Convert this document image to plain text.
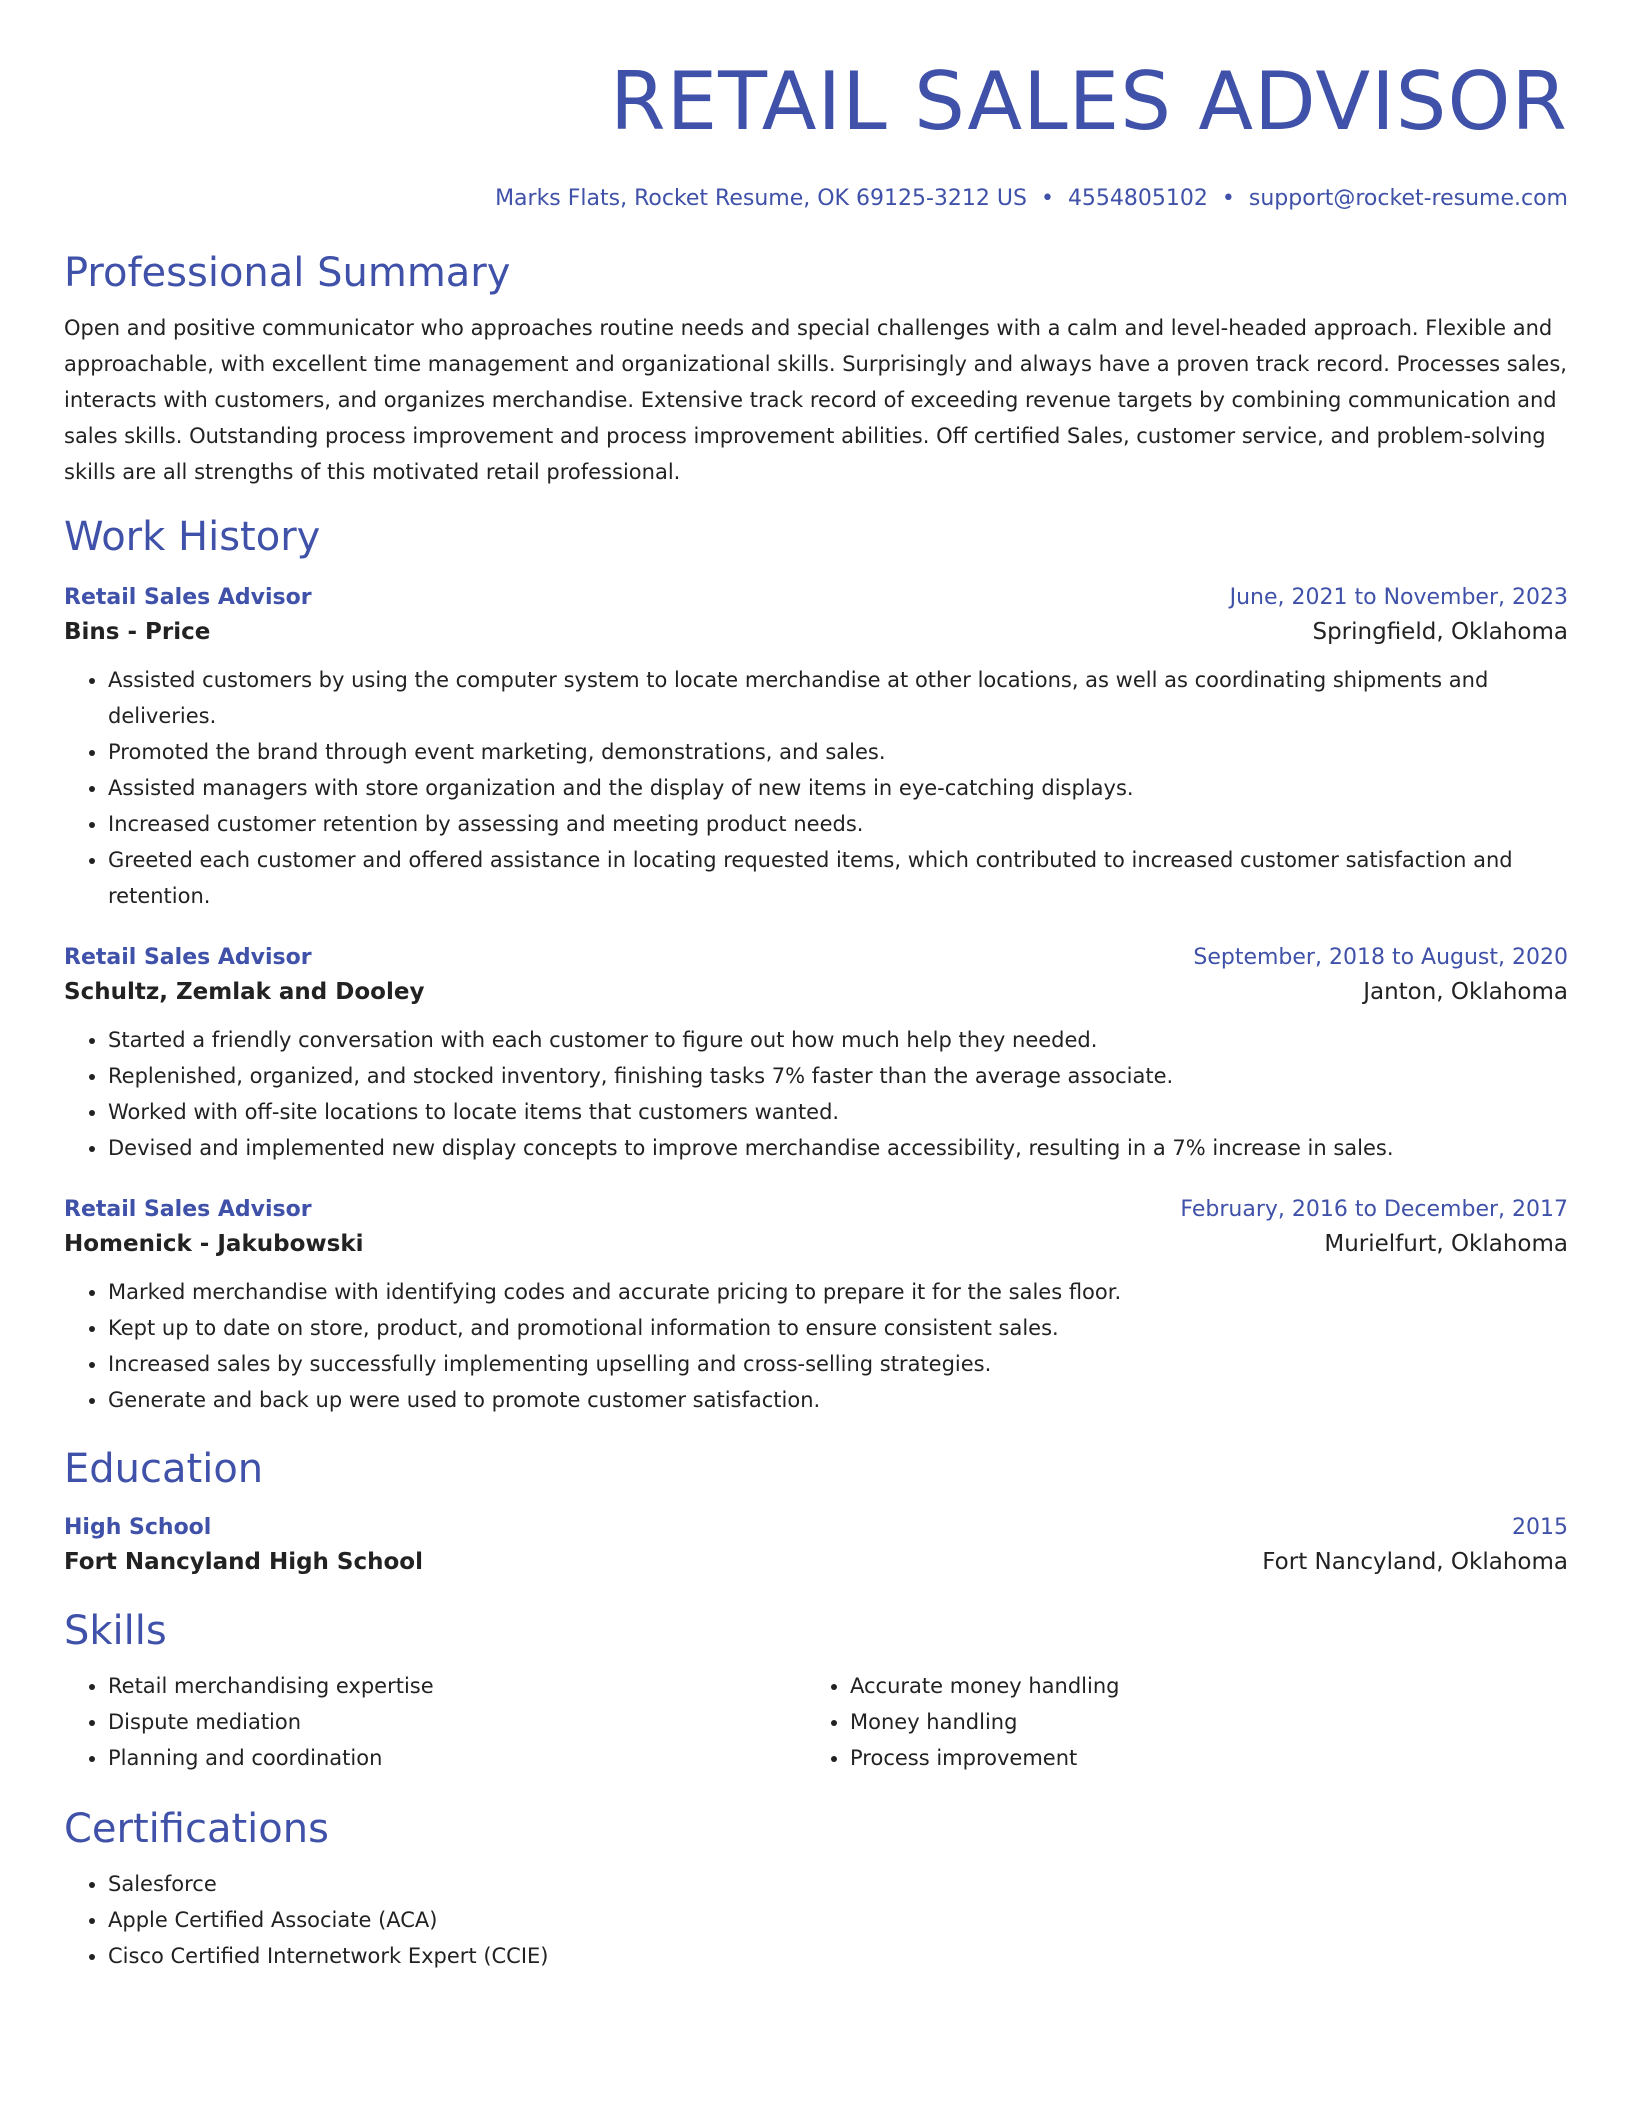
RETAIL SALES ADVISOR
Marks Flats, Rocket Resume, OK 69125-3212 US • 4554805102 • support@rocket-resume.com
Professional Summary
Open and positive communicator who approaches routine needs and special challenges with a calm and level-headed approach. Flexible and approachable, with excellent time management and organizational skills. Surprisingly and always have a proven track record. Processes sales, interacts with customers, and organizes merchandise. Extensive track record of exceeding revenue targets by combining communication and sales skills. Outstanding process improvement and process improvement abilities. Off certified Sales, customer service, and problem-solving skills are all strengths of this motivated retail professional.
Work History
Retail Sales Advisor	June, 2021 to November, 2023
Bins - Price	Springfield, Oklahoma
• Assisted customers by using the computer system to locate merchandise at other locations, as well as coordinating shipments and deliveries.
• Promoted the brand through event marketing, demonstrations, and sales.
• Assisted managers with store organization and the display of new items in eye-catching displays.
• Increased customer retention by assessing and meeting product needs.
• Greeted each customer and offered assistance in locating requested items, which contributed to increased customer satisfaction and retention.
Retail Sales Advisor	September, 2018 to August, 2020
Schultz, Zemlak and Dooley	Janton, Oklahoma
• Started a friendly conversation with each customer to figure out how much help they needed.
• Replenished, organized, and stocked inventory, finishing tasks 7% faster than the average associate.
• Worked with off-site locations to locate items that customers wanted.
• Devised and implemented new display concepts to improve merchandise accessibility, resulting in a 7% increase in sales.
Retail Sales Advisor	February, 2016 to December, 2017
Homenick - Jakubowski	Murielfurt, Oklahoma
• Marked merchandise with identifying codes and accurate pricing to prepare it for the sales floor.
• Kept up to date on store, product, and promotional information to ensure consistent sales.
• Increased sales by successfully implementing upselling and cross-selling strategies.
• Generate and back up were used to promote customer satisfaction.
Education
High School	2015
Fort Nancyland High School	Fort Nancyland, Oklahoma
Skills
• Retail merchandising expertise
• Dispute mediation
• Planning and coordination
• Accurate money handling
• Money handling
• Process improvement
Certifications
• Salesforce
• Apple Certified Associate (ACA)
• Cisco Certified Internetwork Expert (CCIE)
